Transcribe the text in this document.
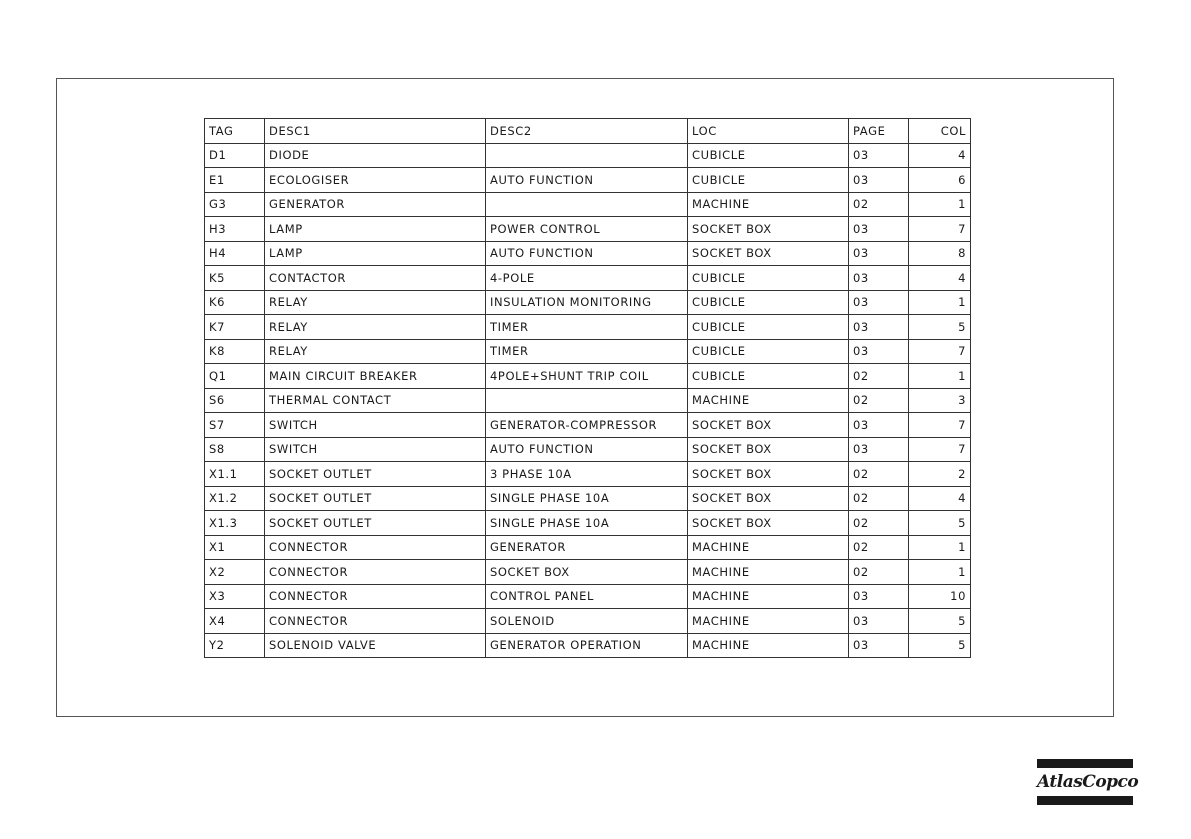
TAG	DESC1	DESC2	LOC	PAGE	COL
D1	DIODE		CUBICLE	03	4
E1	ECOLOGISER	AUTO FUNCTION	CUBICLE	03	6
G3	GENERATOR		MACHINE	02	1
H3	LAMP	POWER CONTROL	SOCKET BOX	03	7
H4	LAMP	AUTO FUNCTION	SOCKET BOX	03	8
K5	CONTACTOR	4-POLE	CUBICLE	03	4
K6	RELAY	INSULATION MONITORING	CUBICLE	03	1
K7	RELAY	TIMER	CUBICLE	03	5
K8	RELAY	TIMER	CUBICLE	03	7
Q1	MAIN CIRCUIT BREAKER	4POLE+SHUNT TRIP COIL	CUBICLE	02	1
S6	THERMAL CONTACT		MACHINE	02	3
S7	SWITCH	GENERATOR-COMPRESSOR	SOCKET BOX	03	7
S8	SWITCH	AUTO FUNCTION	SOCKET BOX	03	7
X1.1	SOCKET OUTLET	3 PHASE 10A	SOCKET BOX	02	2
X1.2	SOCKET OUTLET	SINGLE PHASE 10A	SOCKET BOX	02	4
X1.3	SOCKET OUTLET	SINGLE PHASE 10A	SOCKET BOX	02	5
X1	CONNECTOR	GENERATOR	MACHINE	02	1
X2	CONNECTOR	SOCKET BOX	MACHINE	02	1
X3	CONNECTOR	CONTROL PANEL	MACHINE	03	10
X4	CONNECTOR	SOLENOID	MACHINE	03	5
Y2	SOLENOID VALVE	GENERATOR OPERATION	MACHINE	03	5
AtlasCopco
